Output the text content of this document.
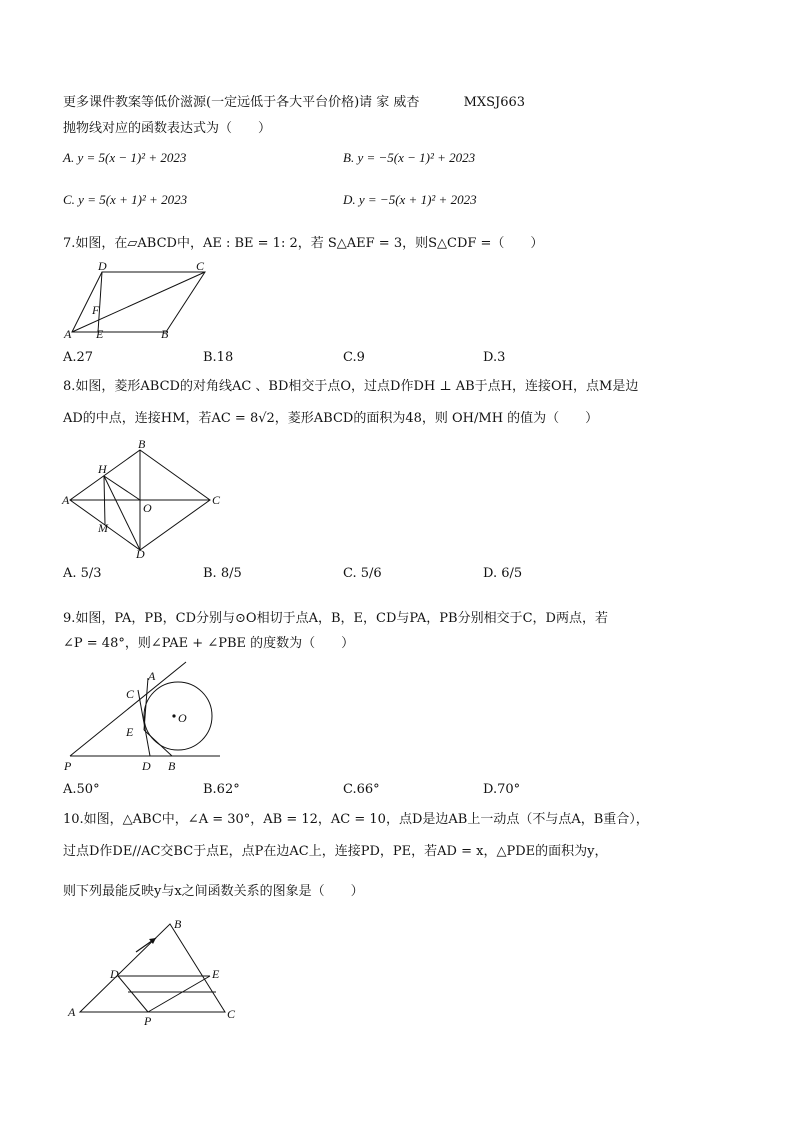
更多课件教案等低价滋源(一定远低于各大平台价格)请 家 威杏	MXSJ663
抛物线对应的函数表达式为（　　）
A. y = 5(x − 1)² + 2023	B. y = −5(x − 1)² + 2023
C. y = 5(x + 1)² + 2023	D. y = −5(x + 1)² + 2023
7.如图，在▱ABCD中，AE : BE = 1: 2，若 S△AEF = 3，则S△CDF =（　　）
D	C
F
A E	B
A.27	B.18	C.9	D.3
8.如图，菱形ABCD的对角线AC 、BD相交于点O，过点D作DH ⊥ AB于点H，连接OH，点M是边
AD的中点，连接HM，若AC = 8√2，菱形ABCD的面积为48，则 OH/MH 的值为（　　）
B
H
A
O
C
M
D
A. 5/3	B. 8/5	C. 5/6	D. 6/5
9.如图，PA，PB，CD分别与⊙O相切于点A，B，E，CD与PA，PB分别相交于C，D两点，若
∠P = 48°，则∠PAE + ∠PBE 的度数为（　　）
A
C
O
E
P	D B
A.50°	B.62°	C.66°	D.70°
10.如图，△ABC中，∠A = 30°，AB = 12，AC = 10，点D是边AB上一动点（不与点A，B重合），
过点D作DE//AC交BC于点E，点P在边AC上，连接PD，PE，若AD = x，△PDE的面积为y，
则下列最能反映y与x之间函数关系的图象是（　　）
B
D	E
A
P	C
